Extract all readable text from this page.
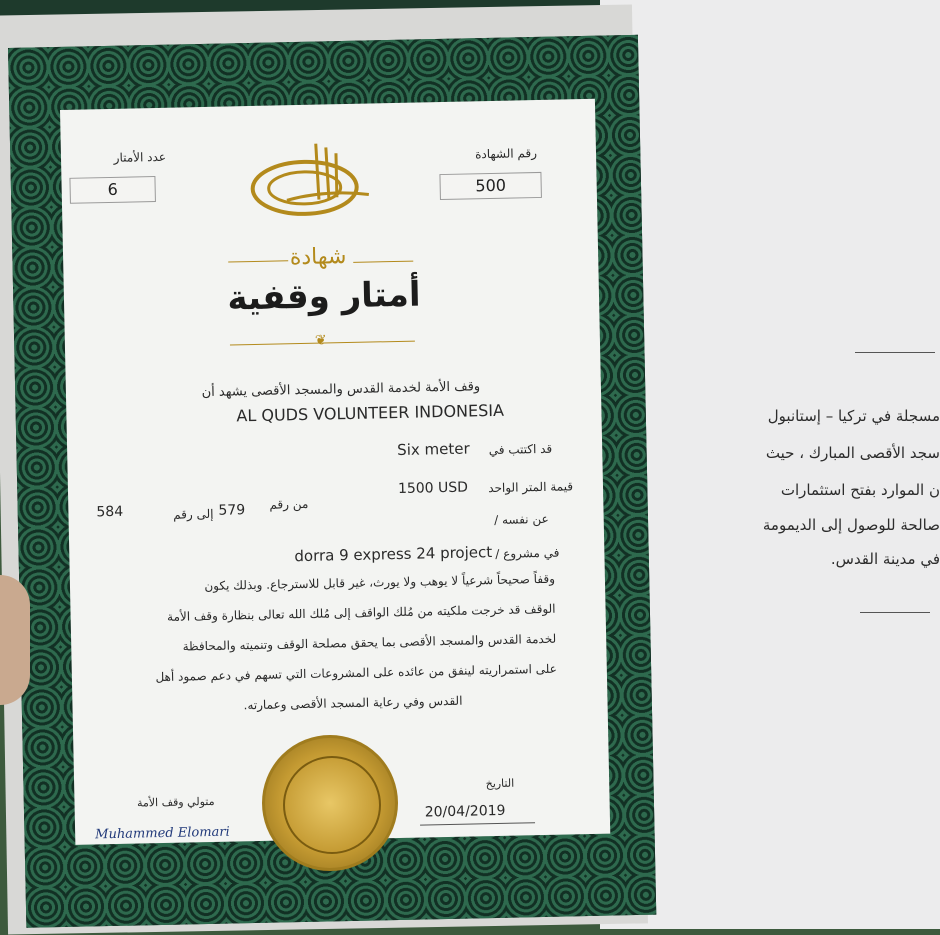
مسجلة في تركيا – إستانبول
سجد الأقصى المبارك ، حيث
ن الموارد بفتح استثمارات
صالحة للوصول إلى الديمومة
في مدينة القدس.
عدد الأمتار
6
رقم الشهادة
500
شهادة
أمتار وقفية
❦
وقف الأمة لخدمة القدس والمسجد الأقصى يشهد أن
AL QUDS VOLUNTEER INDONESIA
Six meter	قد اكتتب في
1500 USD	قيمة المتر الواحد
584	إلى رقم 579	من رقم
عن نفسه /
dorra 9 express 24 project في مشروع /
وقفاً صحيحاً شرعياً لا يوهب ولا يورث، غير قابل للاسترجاع. وبذلك يكون
الوقف قد خرجت ملكيته من مُلك الواقف إلى مُلك الله تعالى بنظارة وقف الأمة
لخدمة القدس والمسجد الأقصى بما يحقق مصلحة الوقف وتنميته والمحافظة
على استمراريته لينفق من عائده على المشروعات التي تسهم في دعم صمود أهل
القدس وفي رعاية المسجد الأقصى وعمارته.
متولي وقف الأمة
Muhammed Elomari
التاريخ
20/04/2019
